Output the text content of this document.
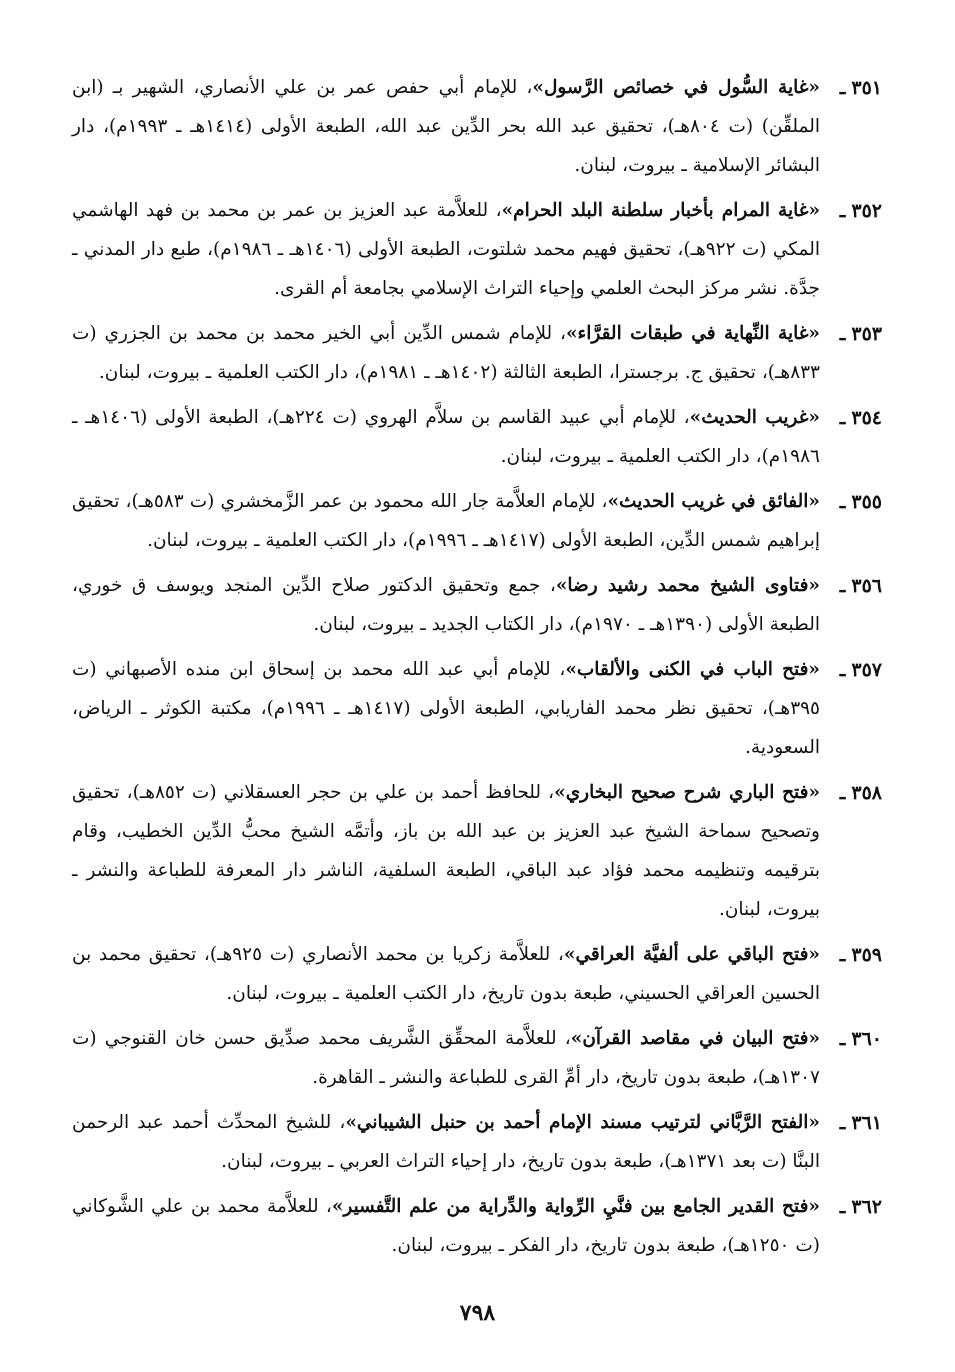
٣٥١ـ
«غاية السُّول في خصائص الرَّسول»، للإمام أبي حفص عمر بن علي الأنصاري، الشهير بـ (ابن الملقِّن) (ت ٨٠٤هـ)، تحقيق عبد الله بحر الدِّين عبد الله، الطبعة الأولى (١٤١٤هـ ـ ١٩٩٣م)، دار البشائر الإسلامية ـ بيروت، لبنان.
٣٥٢ـ
«غاية المرام بأخبار سلطنة البلد الحرام»، للعلاَّمة عبد العزيز بن عمر بن محمد بن فهد الهاشمي المكي (ت ٩٢٢هـ)، تحقيق فهيم محمد شلتوت، الطبعة الأولى (١٤٠٦هـ ـ ١٩٨٦م)، طبع دار المدني ـ جدَّة. نشر مركز البحث العلمي وإحياء التراث الإسلامي بجامعة أم القرى.
٣٥٣ـ
«غاية النِّهاية في طبقات القرَّاء»، للإمام شمس الدِّين أبي الخير محمد بن محمد بن الجزري (ت ٨٣٣هـ)، تحقيق ج. برجسترا، الطبعة الثالثة (١٤٠٢هـ ـ ١٩٨١م)، دار الكتب العلمية ـ بيروت، لبنان.
٣٥٤ـ
«غريب الحديث»، للإمام أبي عبيد القاسم بن سلاَّم الهروي (ت ٢٢٤هـ)، الطبعة الأولى (١٤٠٦هـ ـ ١٩٨٦م)، دار الكتب العلمية ـ بيروت، لبنان.
٣٥٥ـ
«الفائق في غريب الحديث»، للإمام العلاَّمة جار الله محمود بن عمر الزَّمخشري (ت ٥٨٣هـ)، تحقيق إبراهيم شمس الدِّين، الطبعة الأولى (١٤١٧هـ ـ ١٩٩٦م)، دار الكتب العلمية ـ بيروت، لبنان.
٣٥٦ـ
«فتاوى الشيخ محمد رشيد رضا»، جمع وتحقيق الدكتور صلاح الدِّين المنجد ويوسف ق خوري، الطبعة الأولى (١٣٩٠هـ ـ ١٩٧٠م)، دار الكتاب الجديد ـ بيروت، لبنان.
٣٥٧ـ
«فتح الباب في الكنى والألقاب»، للإمام أبي عبد الله محمد بن إسحاق ابن منده الأصبهاني (ت ٣٩٥هـ)، تحقيق نظر محمد الفاريابي، الطبعة الأولى (١٤١٧هـ ـ ١٩٩٦م)، مكتبة الكوثر ـ الرياض، السعودية.
٣٥٨ـ
«فتح الباري شرح صحيح البخاري»، للحافظ أحمد بن علي بن حجر العسقلاني (ت ٨٥٢هـ)، تحقيق وتصحيح سماحة الشيخ عبد العزيز بن عبد الله بن باز، وأتمَّه الشيخ محبُّ الدِّين الخطيب، وقام بترقيمه وتنظيمه محمد فؤاد عبد الباقي، الطبعة السلفية، الناشر دار المعرفة للطباعة والنشر ـ بيروت، لبنان.
٣٥٩ـ
«فتح الباقي على ألفيَّة العراقي»، للعلاَّمة زكريا بن محمد الأنصاري (ت ٩٢٥هـ)، تحقيق محمد بن الحسين العراقي الحسيني، طبعة بدون تاريخ، دار الكتب العلمية ـ بيروت، لبنان.
٣٦٠ـ
«فتح البيان في مقاصد القرآن»، للعلاَّمة المحقِّق الشَّريف محمد صدِّيق حسن خان القنوجي (ت ١٣٠٧هـ)، طبعة بدون تاريخ، دار أمِّ القرى للطباعة والنشر ـ القاهرة.
٣٦١ـ
«الفتح الرَّبَّاني لترتيب مسند الإمام أحمد بن حنبل الشيباني»، للشيخ المحدِّث أحمد عبد الرحمن البنَّا (ت بعد ١٣٧١هـ)، طبعة بدون تاريخ، دار إحياء التراث العربي ـ بيروت، لبنان.
٣٦٢ـ
«فتح القدير الجامع بين فنَّيِ الرِّواية والدِّراية من علم التَّفسير»، للعلاَّمة محمد بن علي الشَّوكاني (ت ١٢٥٠هـ)، طبعة بدون تاريخ، دار الفكر ـ بيروت، لبنان.
٧٩٨
